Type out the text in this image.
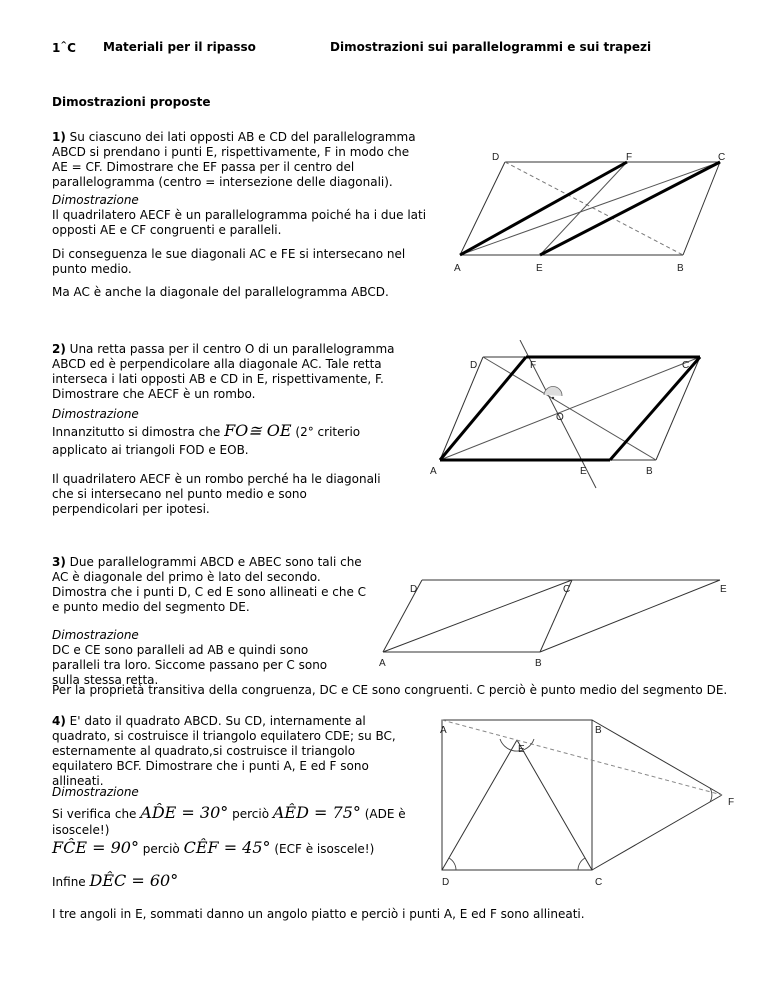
1^C Materiali per il ripasso	Dimostrazioni sui parallelogrammi e sui trapezi
Dimostrazioni proposte
1) Su ciascuno dei lati opposti AB e CD del parallelogramma ABCD si prendano i punti E, rispettivamente, F in modo che AE = CF. Dimostrare che EF passa per il centro del parallelogramma (centro = intersezione delle diagonali).
Dimostrazione
Il quadrilatero AECF è un parallelogramma poiché ha i due lati opposti AE e CF congruenti e paralleli.
Di conseguenza le sue diagonali AC e FE si intersecano nel punto medio.
Ma AC è anche la diagonale del parallelogramma ABCD.
D	F	C
A	E	B
2) Una retta passa per il centro O di un parallelogramma ABCD ed è perpendicolare alla diagonale AC. Tale retta interseca i lati opposti AB e CD in E, rispettivamente, F. Dimostrare che AECF è un rombo.
Dimostrazione
Innanzitutto si dimostra che FO≅ OE (2° criterio
applicato ai triangoli FOD e EOB.
Il quadrilatero AECF è un rombo perché ha le diagonali che si intersecano nel punto medio e sono perpendicolari per ipotesi.
D	F	C
O
A	E	B
3) Due parallelogrammi ABCD e ABEC sono tali che AC è diagonale del primo è lato del secondo. Dimostra che i punti D, C ed E sono allineati e che C e punto medio del segmento DE.
Dimostrazione
DC e CE sono paralleli ad AB e quindi sono paralleli tra loro. Siccome passano per C sono sulla stessa retta.
Per la proprietà transitiva della congruenza, DC e CE sono congruenti. C perciò è punto medio del segmento DE.
D	C	E
A	B
4) E' dato il quadrato ABCD. Su CD, internamente al quadrato, si costruisce il triangolo equilatero CDE; su BC, esternamente al quadrato,si costruisce il triangolo equilatero BCF. Dimostrare che i punti A, E ed F sono allineati.
Dimostrazione
Si verifica che AD̂E = 30° perciò AÊD = 75° (ADE è
isoscele!)
FĈE = 90° perciò CÊF = 45° (ECF è isoscele!)
Infine DÊC = 60°
I tre angoli in E, sommati danno un angolo piatto e perciò i punti A, E ed F sono allineati.
A	B
E
F
D	C
